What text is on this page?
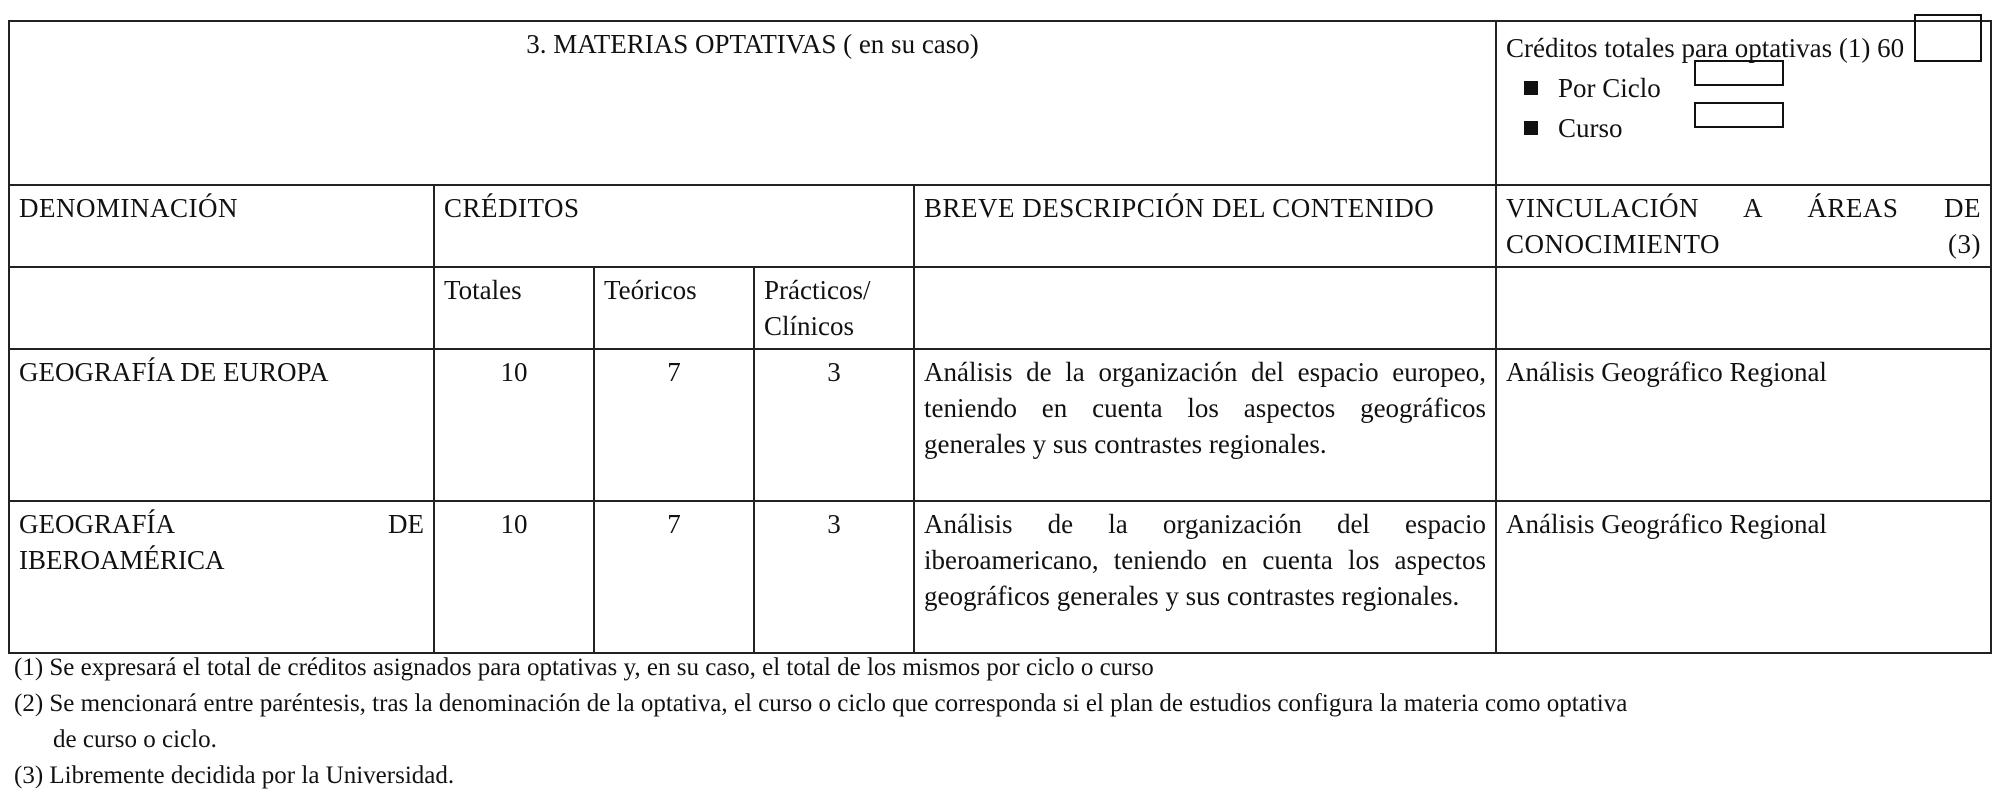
3. MATERIAS OPTATIVAS ( en su caso)					Créditos totales para optativas (1) 60
Por Ciclo
Curso

DENOMINACIÓN	CRÉDITOS			BREVE DESCRIPCIÓN DEL CONTENIDO	VINCULACIÓN A ÁREAS DE CONOCIMIENTO (3)
	Totales	Teóricos	Prácticos/ Clínicos		
GEOGRAFÍA DE EUROPA	10	7	3	Análisis de la organización del espacio europeo, teniendo en cuenta los aspectos geográficos generales y sus contrastes regionales.	Análisis Geográfico Regional
GEOGRAFÍA DE IBEROAMÉRICA	10	7	3	Análisis de la organización del espacio iberoamericano, teniendo en cuenta los aspectos geográficos generales y sus contrastes regionales.	Análisis Geográfico Regional

(1) Se expresará el total de créditos asignados para optativas y, en su caso, el total de los mismos por ciclo o curso

(2) Se mencionará entre paréntesis, tras la denominación de la optativa, el curso o ciclo que corresponda si el plan de estudios configura la materia como optativa

de curso o ciclo.

(3) Libremente decidida por la Universidad.
